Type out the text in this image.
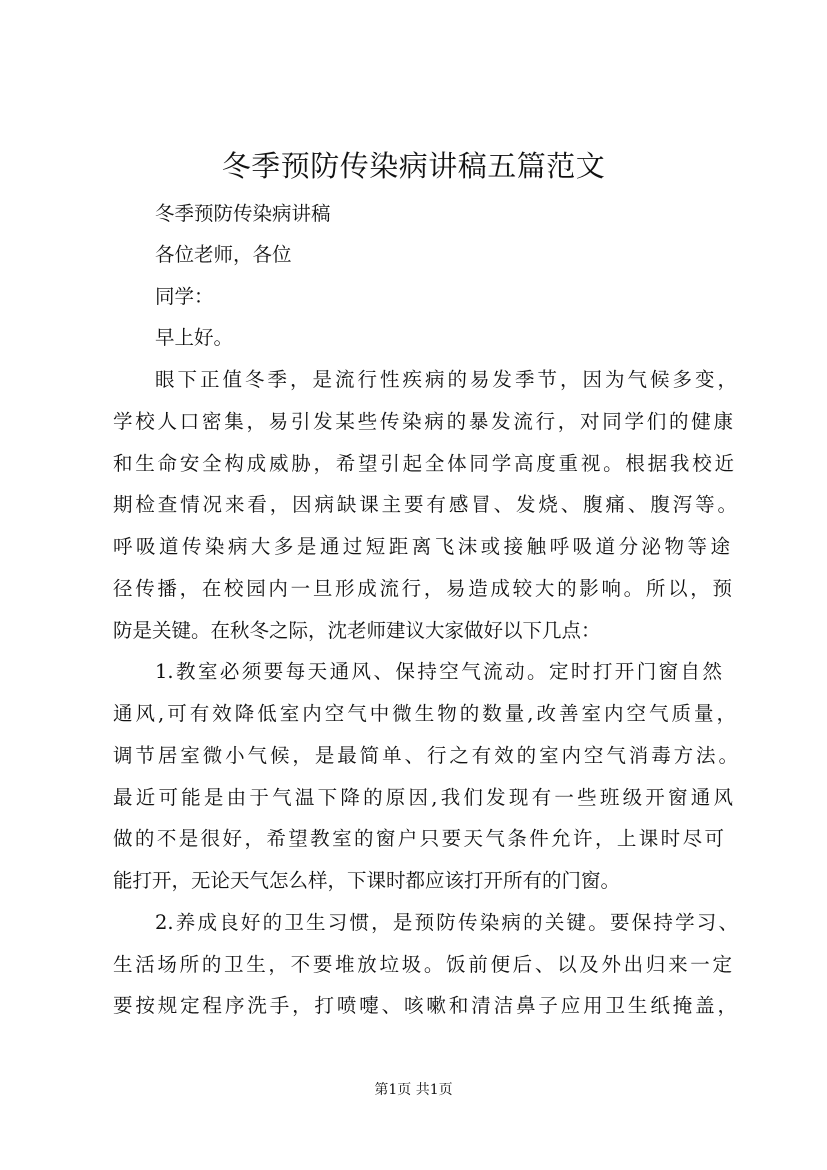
冬季预防传染病讲稿五篇范文
冬季预防传染病讲稿
各位老师，各位
同学：
早上好。
眼下正值冬季，是流行性疾病的易发季节，因为气候多变，
学校人口密集，易引发某些传染病的暴发流行，对同学们的健康
和生命安全构成威胁，希望引起全体同学高度重视。根据我校近
期检查情况来看，因病缺课主要有感冒、发烧、腹痛、腹泻等。
呼吸道传染病大多是通过短距离飞沫或接触呼吸道分泌物等途
径传播，在校园内一旦形成流行，易造成较大的影响。所以，预
防是关键。在秋冬之际，沈老师建议大家做好以下几点：
1.教室必须要每天通风、保持空气流动。定时打开门窗自然
通风,可有效降低室内空气中微生物的数量,改善室内空气质量，
调节居室微小气候，是最简单、行之有效的室内空气消毒方法。
最近可能是由于气温下降的原因,我们发现有一些班级开窗通风
做的不是很好，希望教室的窗户只要天气条件允许，上课时尽可
能打开，无论天气怎么样，下课时都应该打开所有的门窗。
2.养成良好的卫生习惯，是预防传染病的关键。要保持学习、
生活场所的卫生，不要堆放垃圾。饭前便后、以及外出归来一定
要按规定程序洗手，打喷嚏、咳嗽和清洁鼻子应用卫生纸掩盖，
第1页 共1页
